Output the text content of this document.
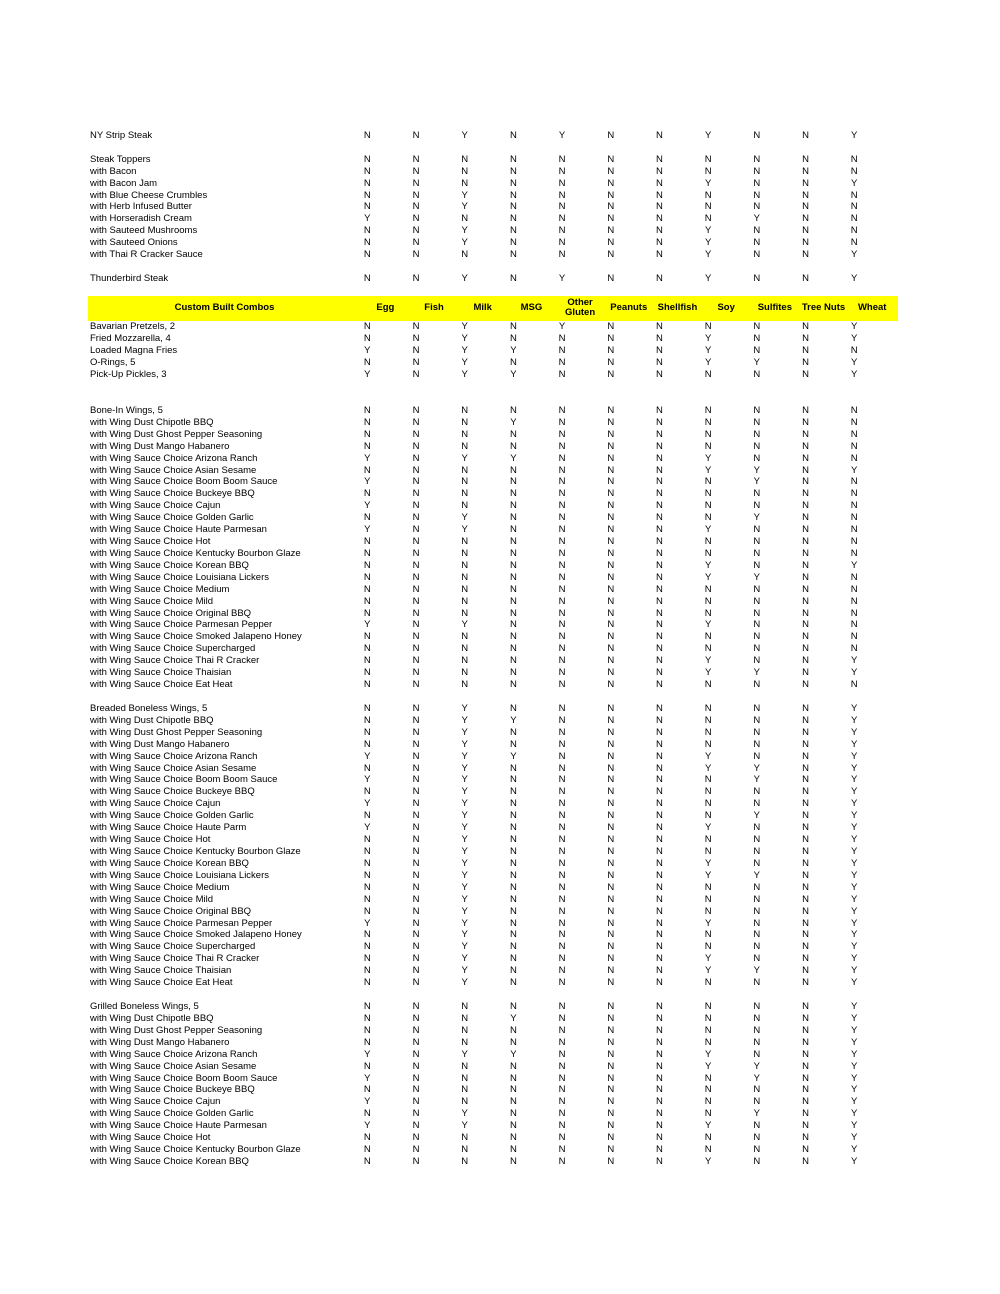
NY Strip Steak	N	N	Y	N	Y	N	N	Y	N	N	Y
Steak Toppers	N	N	N	N	N	N	N	N	N	N	N
with Bacon	N	N	N	N	N	N	N	N	N	N	N
with Bacon Jam	N	N	N	N	N	N	N	Y	N	N	Y
with Blue Cheese Crumbles	N	N	Y	N	N	N	N	N	N	N	N
with Herb Infused Butter	N	N	Y	N	N	N	N	N	N	N	N
with Horseradish Cream	Y	N	N	N	N	N	N	N	Y	N	N
with Sauteed Mushrooms	N	N	Y	N	N	N	N	Y	N	N	N
with Sauteed Onions	N	N	Y	N	N	N	N	Y	N	N	N
with Thai R Cracker Sauce	N	N	N	N	N	N	N	Y	N	N	Y
Thunderbird Steak	N	N	Y	N	Y	N	N	Y	N	N	Y
Custom Built Combos	Egg	Fish	Milk	MSG	Other Gluten	Peanuts	Shellfish	Soy	Sulfites	Tree Nuts	Wheat
Bavarian Pretzels, 2	N	N	Y	N	Y	N	N	N	N	N	Y
Fried Mozzarella, 4	N	N	Y	N	N	N	N	Y	N	N	Y
Loaded Magna Fries	Y	N	Y	Y	N	N	N	Y	N	N	N
O-Rings, 5	N	N	Y	N	N	N	N	Y	Y	N	Y
Pick-Up Pickles, 3	Y	N	Y	Y	N	N	N	N	N	N	Y
Bone-In Wings, 5	N	N	N	N	N	N	N	N	N	N	N
with Wing Dust Chipotle BBQ	N	N	N	Y	N	N	N	N	N	N	N
with Wing Dust Ghost Pepper Seasoning	N	N	N	N	N	N	N	N	N	N	N
with Wing Dust Mango Habanero	N	N	N	N	N	N	N	N	N	N	N
with Wing Sauce Choice Arizona Ranch	Y	N	Y	Y	N	N	N	Y	N	N	N
with Wing Sauce Choice Asian Sesame	N	N	N	N	N	N	N	Y	Y	N	Y
with Wing Sauce Choice Boom Boom Sauce	Y	N	N	N	N	N	N	N	Y	N	N
with Wing Sauce Choice Buckeye BBQ	N	N	N	N	N	N	N	N	N	N	N
with Wing Sauce Choice Cajun	Y	N	N	N	N	N	N	N	N	N	N
with Wing Sauce Choice Golden Garlic	N	N	Y	N	N	N	N	N	Y	N	N
with Wing Sauce Choice Haute Parmesan	Y	N	Y	N	N	N	N	Y	N	N	N
with Wing Sauce Choice Hot	N	N	N	N	N	N	N	N	N	N	N
with Wing Sauce Choice Kentucky Bourbon Glaze	N	N	N	N	N	N	N	N	N	N	N
with Wing Sauce Choice Korean BBQ	N	N	N	N	N	N	N	Y	N	N	Y
with Wing Sauce Choice Louisiana Lickers	N	N	N	N	N	N	N	Y	Y	N	N
with Wing Sauce Choice Medium	N	N	N	N	N	N	N	N	N	N	N
with Wing Sauce Choice Mild	N	N	N	N	N	N	N	N	N	N	N
with Wing Sauce Choice Original BBQ	N	N	N	N	N	N	N	N	N	N	N
with Wing Sauce Choice Parmesan Pepper	Y	N	Y	N	N	N	N	Y	N	N	N
with Wing Sauce Choice Smoked Jalapeno Honey	N	N	N	N	N	N	N	N	N	N	N
with Wing Sauce Choice Supercharged	N	N	N	N	N	N	N	N	N	N	N
with Wing Sauce Choice Thai R Cracker	N	N	N	N	N	N	N	Y	N	N	Y
with Wing Sauce Choice Thaisian	N	N	N	N	N	N	N	Y	Y	N	Y
with Wing Sauce Choice Eat Heat	N	N	N	N	N	N	N	N	N	N	N
Breaded Boneless Wings, 5	N	N	Y	N	N	N	N	N	N	N	Y
with Wing Dust Chipotle BBQ	N	N	Y	Y	N	N	N	N	N	N	Y
with Wing Dust Ghost Pepper Seasoning	N	N	Y	N	N	N	N	N	N	N	Y
with Wing Dust Mango Habanero	N	N	Y	N	N	N	N	N	N	N	Y
with Wing Sauce Choice Arizona Ranch	Y	N	Y	Y	N	N	N	Y	N	N	Y
with Wing Sauce Choice Asian Sesame	N	N	Y	N	N	N	N	Y	Y	N	Y
with Wing Sauce Choice Boom Boom Sauce	Y	N	Y	N	N	N	N	N	Y	N	Y
with Wing Sauce Choice Buckeye BBQ	N	N	Y	N	N	N	N	N	N	N	Y
with Wing Sauce Choice Cajun	Y	N	Y	N	N	N	N	N	N	N	Y
with Wing Sauce Choice Golden Garlic	N	N	Y	N	N	N	N	N	Y	N	Y
with Wing Sauce Choice Haute Parm	Y	N	Y	N	N	N	N	Y	N	N	Y
with Wing Sauce Choice Hot	N	N	Y	N	N	N	N	N	N	N	Y
with Wing Sauce Choice Kentucky Bourbon Glaze	N	N	Y	N	N	N	N	N	N	N	Y
with Wing Sauce Choice Korean BBQ	N	N	Y	N	N	N	N	Y	N	N	Y
with Wing Sauce Choice Louisiana Lickers	N	N	Y	N	N	N	N	Y	Y	N	Y
with Wing Sauce Choice Medium	N	N	Y	N	N	N	N	N	N	N	Y
with Wing Sauce Choice Mild	N	N	Y	N	N	N	N	N	N	N	Y
with Wing Sauce Choice Original BBQ	N	N	Y	N	N	N	N	N	N	N	Y
with Wing Sauce Choice Parmesan Pepper	Y	N	Y	N	N	N	N	Y	N	N	Y
with Wing Sauce Choice Smoked Jalapeno Honey	N	N	Y	N	N	N	N	N	N	N	Y
with Wing Sauce Choice Supercharged	N	N	Y	N	N	N	N	N	N	N	Y
with Wing Sauce Choice Thai R Cracker	N	N	Y	N	N	N	N	Y	N	N	Y
with Wing Sauce Choice Thaisian	N	N	Y	N	N	N	N	Y	Y	N	Y
with Wing Sauce Choice Eat Heat	N	N	Y	N	N	N	N	N	N	N	Y
Grilled Boneless Wings, 5	N	N	N	N	N	N	N	N	N	N	Y
with Wing Dust Chipotle BBQ	N	N	N	Y	N	N	N	N	N	N	Y
with Wing Dust Ghost Pepper Seasoning	N	N	N	N	N	N	N	N	N	N	Y
with Wing Dust Mango Habanero	N	N	N	N	N	N	N	N	N	N	Y
with Wing Sauce Choice Arizona Ranch	Y	N	Y	Y	N	N	N	Y	N	N	Y
with Wing Sauce Choice Asian Sesame	N	N	N	N	N	N	N	Y	Y	N	Y
with Wing Sauce Choice Boom Boom Sauce	Y	N	N	N	N	N	N	N	Y	N	Y
with Wing Sauce Choice Buckeye BBQ	N	N	N	N	N	N	N	N	N	N	Y
with Wing Sauce Choice Cajun	Y	N	N	N	N	N	N	N	N	N	Y
with Wing Sauce Choice Golden Garlic	N	N	Y	N	N	N	N	N	Y	N	Y
with Wing Sauce Choice Haute Parmesan	Y	N	Y	N	N	N	N	Y	N	N	Y
with Wing Sauce Choice Hot	N	N	N	N	N	N	N	N	N	N	Y
with Wing Sauce Choice Kentucky Bourbon Glaze	N	N	N	N	N	N	N	N	N	N	Y
with Wing Sauce Choice Korean BBQ	N	N	N	N	N	N	N	Y	N	N	Y
